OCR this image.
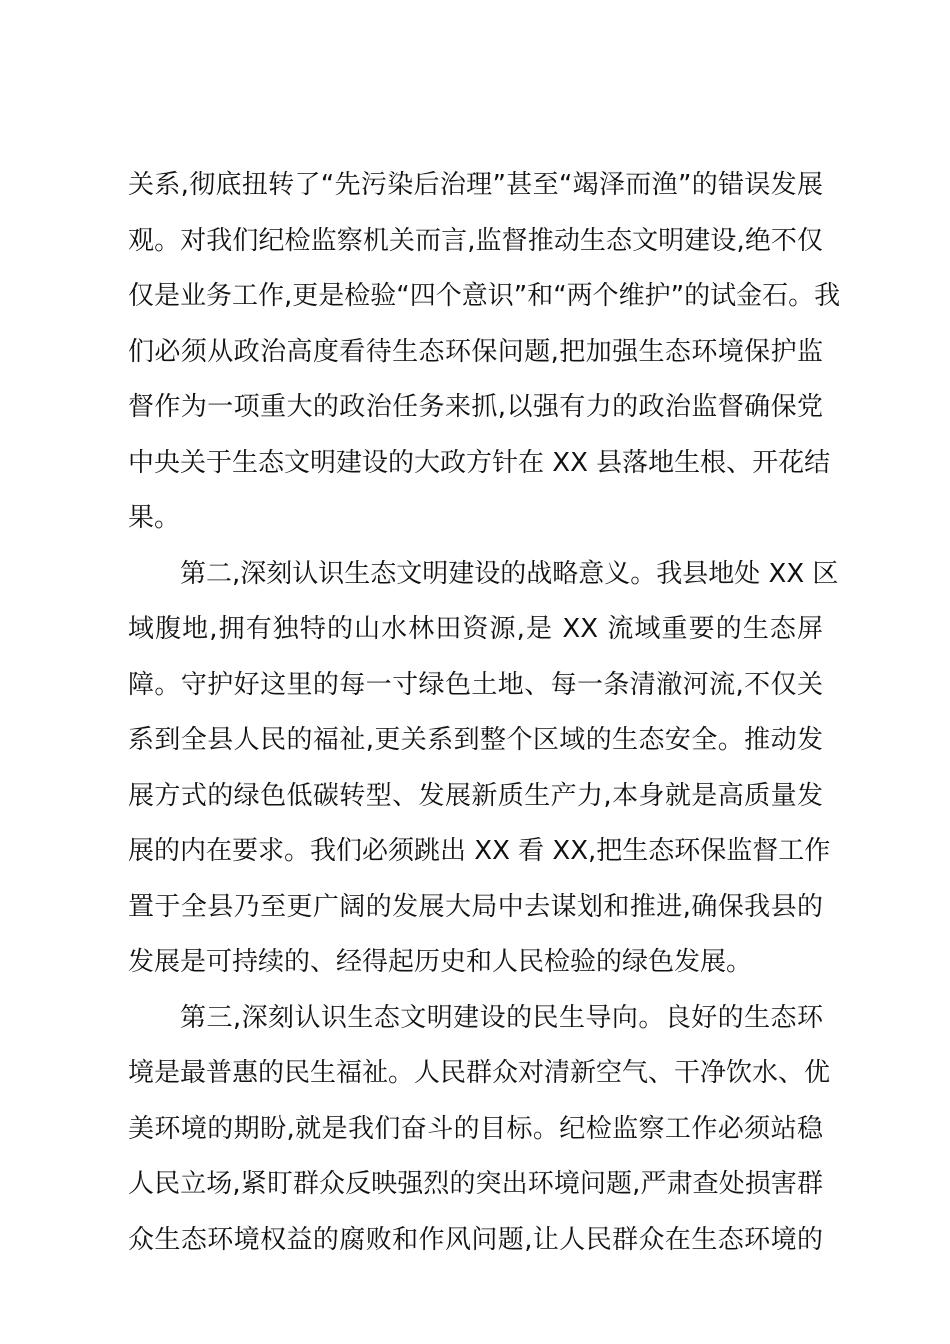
关系,彻底扭转了“先污染后治理”甚至“竭泽而渔”的错误发展
观。对我们纪检监察机关而言,监督推动生态文明建设,绝不仅
仅是业务工作,更是检验“四个意识”和“两个维护”的试金石。我
们必须从政治高度看待生态环保问题,把加强生态环境保护监
督作为一项重大的政治任务来抓,以强有力的政治监督确保党
中央关于生态文明建设的大政方针在 XX 县落地生根、开花结
果。
第二,深刻认识生态文明建设的战略意义。我县地处 XX 区
域腹地,拥有独特的山水林田资源,是 XX 流域重要的生态屏
障。守护好这里的每一寸绿色土地、每一条清澈河流,不仅关
系到全县人民的福祉,更关系到整个区域的生态安全。推动发
展方式的绿色低碳转型、发展新质生产力,本身就是高质量发
展的内在要求。我们必须跳出 XX 看 XX,把生态环保监督工作
置于全县乃至更广阔的发展大局中去谋划和推进,确保我县的
发展是可持续的、经得起历史和人民检验的绿色发展。
第三,深刻认识生态文明建设的民生导向。良好的生态环
境是最普惠的民生福祉。人民群众对清新空气、干净饮水、优
美环境的期盼,就是我们奋斗的目标。纪检监察工作必须站稳
人民立场,紧盯群众反映强烈的突出环境问题,严肃查处损害群
众生态环境权益的腐败和作风问题,让人民群众在生态环境的
